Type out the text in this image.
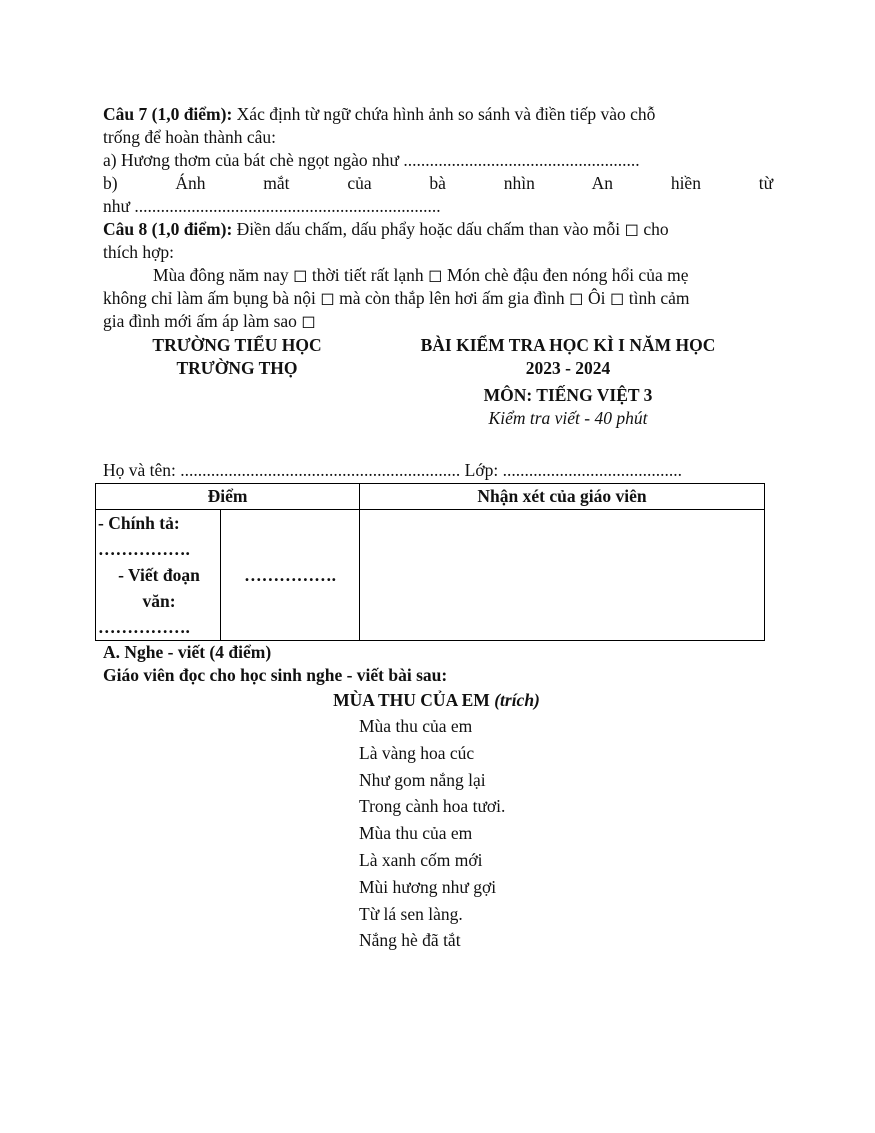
Câu 7 (1,0 điểm): Xác định từ ngữ chứa hình ảnh so sánh và điền tiếp vào chỗ
trống để hoàn thành câu:
a) Hương thơm của bát chè ngọt ngào như ......................................................
b)	Ánh	mắt	của	bà	nhìn	An	hiền	từ
như ......................................................................
Câu 8 (1,0 điểm): Điền dấu chấm, dấu phẩy hoặc dấu chấm than vào mỗi ◻ cho
thích hợp:
Mùa đông năm nay ◻ thời tiết rất lạnh ◻ Món chè đậu đen nóng hổi của mẹ
không chỉ làm ấm bụng bà nội ◻ mà còn thắp lên hơi ấm gia đình ◻ Ôi ◻ tình cảm
gia đình mới ấm áp làm sao ◻
TRƯỜNG TIỂU HỌC
TRƯỜNG THỌ
BÀI KIỂM TRA HỌC KÌ I NĂM HỌC
2023 - 2024
MÔN: TIẾNG VIỆT 3
Kiểm tra viết - 40 phút
Họ và tên: ................................................................ Lớp: .........................................
Điểm		Nhận xét của giáo viên

- Chính tả:
…………….
- Viết đoạn
văn:
…………….	…………….	
A. Nghe - viết (4 điểm)
Giáo viên đọc cho học sinh nghe - viết bài sau:
MÙA THU CỦA EM (trích)
Mùa thu của em
Là vàng hoa cúc
Như gom nắng lại
Trong cành hoa tươi.
Mùa thu của em
Là xanh cốm mới
Mùi hương như gợi
Từ lá sen làng.
Nắng hè đã tắt
